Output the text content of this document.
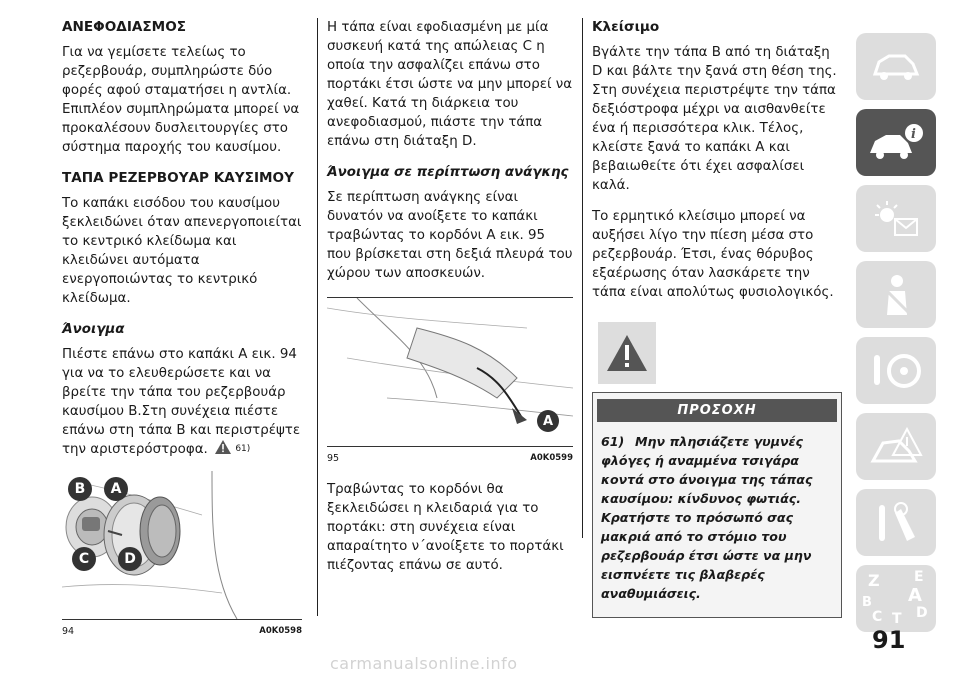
ΑΝΕΦΟΔΙΑΣΜΟΣ

Για να γεμίσετε τελείως το ρεζερβουάρ, συμπληρώστε δύο φορές αφού σταματήσει η αντλία. Επιπλέον συμπληρώματα μπορεί να προκαλέσουν δυσλειτουργίες στο σύστημα παροχής του καυσίμου.

ΤΑΠΑ ΡΕΖΕΡΒΟΥΑΡ ΚΑΥΣΙΜΟΥ

Το καπάκι εισόδου του καυσίμου ξεκλειδώνει όταν απενεργοποιείται το κεντρικό κλείδωμα και κλειδώνει αυτόματα ενεργοποιώντας το κεντρικό κλείδωμα.

Άνοιγμα

Πιέστε επάνω στο καπάκι A εικ. 94 για να το ελευθερώσετε και να βρείτε την τάπα του ρεζερβουάρ καυσίμου B.Στη συνέχεια πιέστε επάνω στη τάπα B και περιστρέψτε την αριστερόστροφα.	$^{61)}$

B	A
C	D
94	A0K0598

Η τάπα είναι εφοδιασμένη με μία συσκευή κατά της απώλειας C η οποία την ασφαλίζει επάνω στο πορτάκι έτσι ώστε να μην μπορεί να χαθεί. Κατά τη διάρκεια του ανεφοδιασμού, πιάστε την τάπα επάνω στη διάταξη D.

Άνοιγμα σε περίπτωση ανάγκης

Σε περίπτωση ανάγκης είναι δυνατόν να ανοίξετε το καπάκι τραβώντας το κορδόνι A εικ. 95 που βρίσκεται στη δεξιά πλευρά του χώρου των αποσκευών.

A
95	A0K0599

Τραβώντας το κορδόνι θα ξεκλειδώσει η κλειδαριά για το πορτάκι: στη συνέχεια είναι απαραίτητο ν΄ανοίξετε το πορτάκι πιέζοντας επάνω σε αυτό.

Κλείσιμο

Βγάλτε την τάπα B από τη διάταξη D και βάλτε την ξανά στη θέση της. Στη συνέχεια περιστρέψτε την τάπα δεξιόστροφα μέχρι να αισθανθείτε ένα ή περισσότερα κλικ. Τέλος, κλείστε ξανά το καπάκι A και βεβαιωθείτε ότι έχει ασφαλίσει καλά.

Το ερμητικό κλείσιμο μπορεί να αυξήσει λίγο την πίεση μέσα στο ρεζερβουάρ. Έτσι, ένας θόρυβος εξαέρωσης όταν λασκάρετε την τάπα είναι απολύτως φυσιολογικός.

ΠΡΟΣΟΧΗ
61) Μην πλησιάζετε γυμνές φλόγες ή αναμμένα τσιγάρα κοντά στο άνοιγμα της τάπας καυσίμου: κίνδυνος φωτιάς. Κρατήστε το πρόσωπό σας μακριά από το στόμιο του ρεζερβουάρ έτσι ώστε να μην εισπνέετε τις βλαβερές αναθυμιάσεις.
i
Z E
B A
C D
T
91
carmanualsonline.info
